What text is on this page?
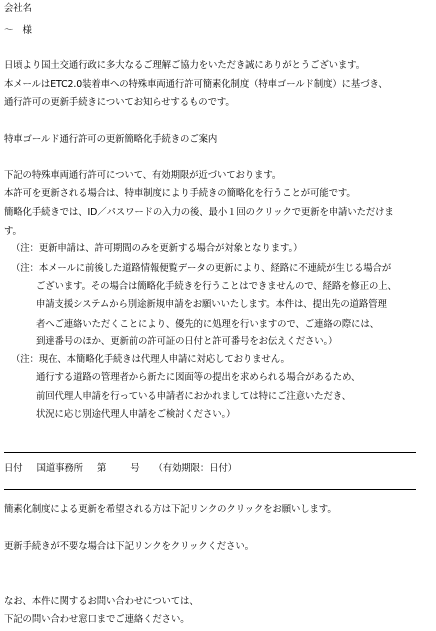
会社名
～　様
日頃より国土交通行政に多大なるご理解ご協力をいただき誠にありがとうございます。
本メールはETC2.0装着車への特殊車両通行許可簡素化制度（特車ゴールド制度）に基づき、
通行許可の更新手続きについてお知らせするものです。
特車ゴールド通行許可の更新簡略化手続きのご案内
下記の特殊車両通行許可について、有効期限が近づいております。
本許可を更新される場合は、特車制度により手続きの簡略化を行うことが可能です。
簡略化手続きでは、ID／パスワードの入力の後、最小１回のクリックで更新を申請いただけま
す。
（注：更新申請は、許可期間のみを更新する場合が対象となります。）
（注：本メールに前後した道路情報便覧データの更新により、経路に不連続が生じる場合が
ございます。その場合は簡略化手続きを行うことはできませんので、経路を修正の上、
申請支援システムから別途新規申請をお願いいたします。本件は、提出先の道路管理
者へご連絡いただくことにより、優先的に処理を行いますので、ご連絡の際には、
到達番号のほか、更新前の許可証の日付と許可番号をお伝えください。）
（注：現在、本簡略化手続きは代理人申請に対応しておりません。
通行する道路の管理者から新たに図面等の提出を求められる場合があるため、
前回代理人申請を行っている申請者におかれましては特にご注意いただき、
状況に応じ別途代理人申請をご検討ください。）
日付 国道事務所 第	号 （有効期限：日付）
簡素化制度による更新を希望される方は下記リンクのクリックをお願いします。
更新手続きが不要な場合は下記リンクをクリックください。
なお、本件に関するお問い合わせについては、
下記の問い合わせ窓口までご連絡ください。
